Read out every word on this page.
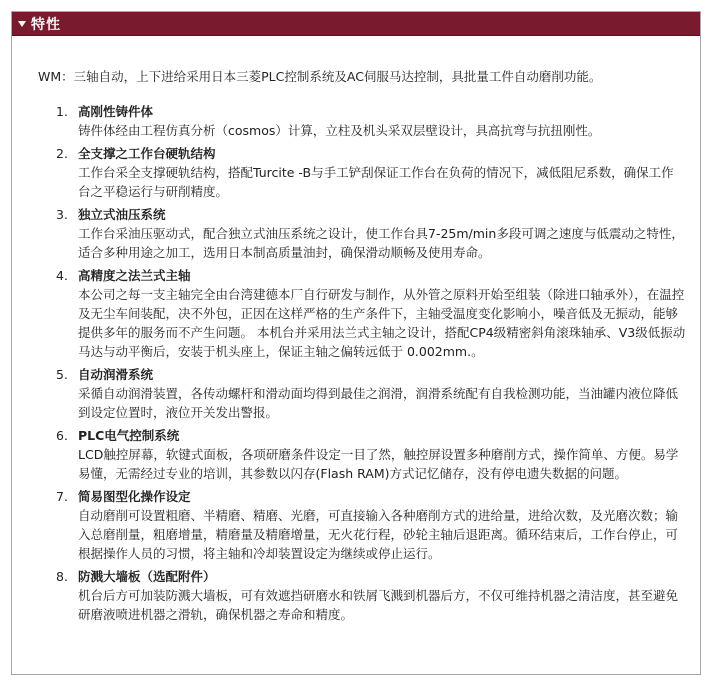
特性
WM：三轴自动，上下进给采用日本三菱PLC控制系统及AC伺服马达控制，具批量工件自动磨削功能。
1. 高刚性铸件体
铸件体经由工程仿真分析（cosmos）计算，立柱及机头采双层壁设计，具高抗弯与抗扭刚性。
2. 全支撑之工作台硬轨结构
工作台采全支撑硬轨结构，搭配Turcite -B与手工铲刮保证工作台在负荷的情况下，减低阻尼系数，确保工作台之平稳运行与研削精度。
3. 独立式油压系统
工作台采油压驱动式，配合独立式油压系统之设计，使工作台具7-25m/min多段可调之速度与低震动之特性，适合多种用途之加工，选用日本制高质量油封，确保滑动顺畅及使用寿命。
4. 高精度之法兰式主轴
本公司之每一支主轴完全由台湾建德本厂自行研发与制作，从外管之原料开始至组装（除进口轴承外），在温控及无尘车间装配，决不外包，正因在这样严格的生产条件下，主轴受温度变化影响小，噪音低及无振动，能够提供多年的服务而不产生问题。 本机台并采用法兰式主轴之设计，搭配CP4级精密斜角滚珠轴承、V3级低振动马达与动平衡后，安装于机头座上，保证主轴之偏转远低于 0.002mm.。
5. 自动润滑系统
采循自动润滑装置，各传动螺杆和滑动面均得到最佳之润滑，润滑系统配有自我检测功能，当油罐内液位降低到设定位置时，液位开关发出警报。
6. PLC电气控制系统
LCD触控屏幕，软键式面板，各项研磨条件设定一目了然，触控屏设置多种磨削方式，操作简单、方便。易学易懂，无需经过专业的培训，其参数以闪存(Flash RAM)方式记忆储存，没有停电遗失数据的问题。
7. 简易图型化操作设定
自动磨削可设置粗磨、半精磨、精磨、光磨，可直接输入各种磨削方式的进给量，进给次数，及光磨次数；输入总磨削量，粗磨增量，精磨量及精磨增量，无火花行程，砂轮主轴后退距离。循环结束后，工作台停止，可根据操作人员的习惯，将主轴和冷却装置设定为继续或停止运行。
8. 防溅大墙板（选配附件）
机台后方可加装防溅大墙板，可有效遮挡研磨水和铁屑飞溅到机器后方，不仅可维持机器之清洁度，甚至避免研磨液喷进机器之滑轨，确保机器之寿命和精度。
